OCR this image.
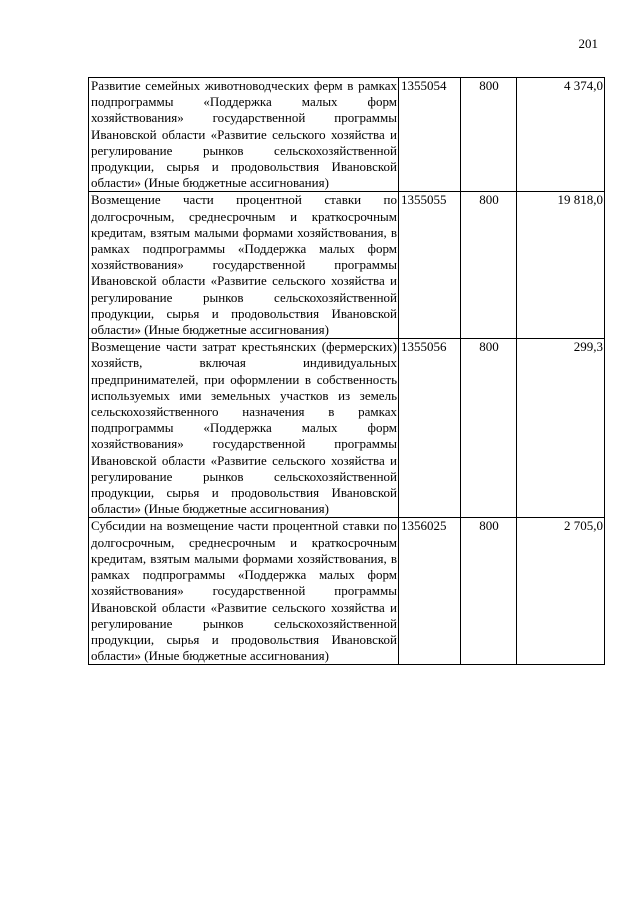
201
Развитие семейных животноводческих ферм в рамках подпрограммы «Поддержка малых форм хозяйствования» государственной программы Ивановской области «Развитие сельского хозяйства и регулирование рынков сельскохозяйственной продукции, сырья и продовольствия Ивановской области» (Иные бюджетные ассигнования)	1355054	800	4 374,0
Возмещение части процентной ставки по долгосрочным, среднесрочным и краткосрочным кредитам, взятым малыми формами хозяйствования, в рамках подпрограммы «Поддержка малых форм хозяйствования» государственной программы Ивановской области «Развитие сельского хозяйства и регулирование рынков сельскохозяйственной продукции, сырья и продовольствия Ивановской области» (Иные бюджетные ассигнования)	1355055	800	19 818,0
Возмещение части затрат крестьянских (фермерских) хозяйств, включая индивидуальных предпринимателей, при оформлении в собственность используемых ими земельных участков из земель сельскохозяйственного назначения в рамках подпрограммы «Поддержка малых форм хозяйствования» государственной программы Ивановской области «Развитие сельского хозяйства и регулирование рынков сельскохозяйственной продукции, сырья и продовольствия Ивановской области» (Иные бюджетные ассигнования)	1355056	800	299,3
Субсидии на возмещение части процентной ставки по долгосрочным, среднесрочным и краткосрочным кредитам, взятым малыми формами хозяйствования, в рамках подпрограммы «Поддержка малых форм хозяйствования» государственной программы Ивановской области «Развитие сельского хозяйства и регулирование рынков сельскохозяйственной продукции, сырья и продовольствия Ивановской области» (Иные бюджетные ассигнования)	1356025	800	2 705,0
